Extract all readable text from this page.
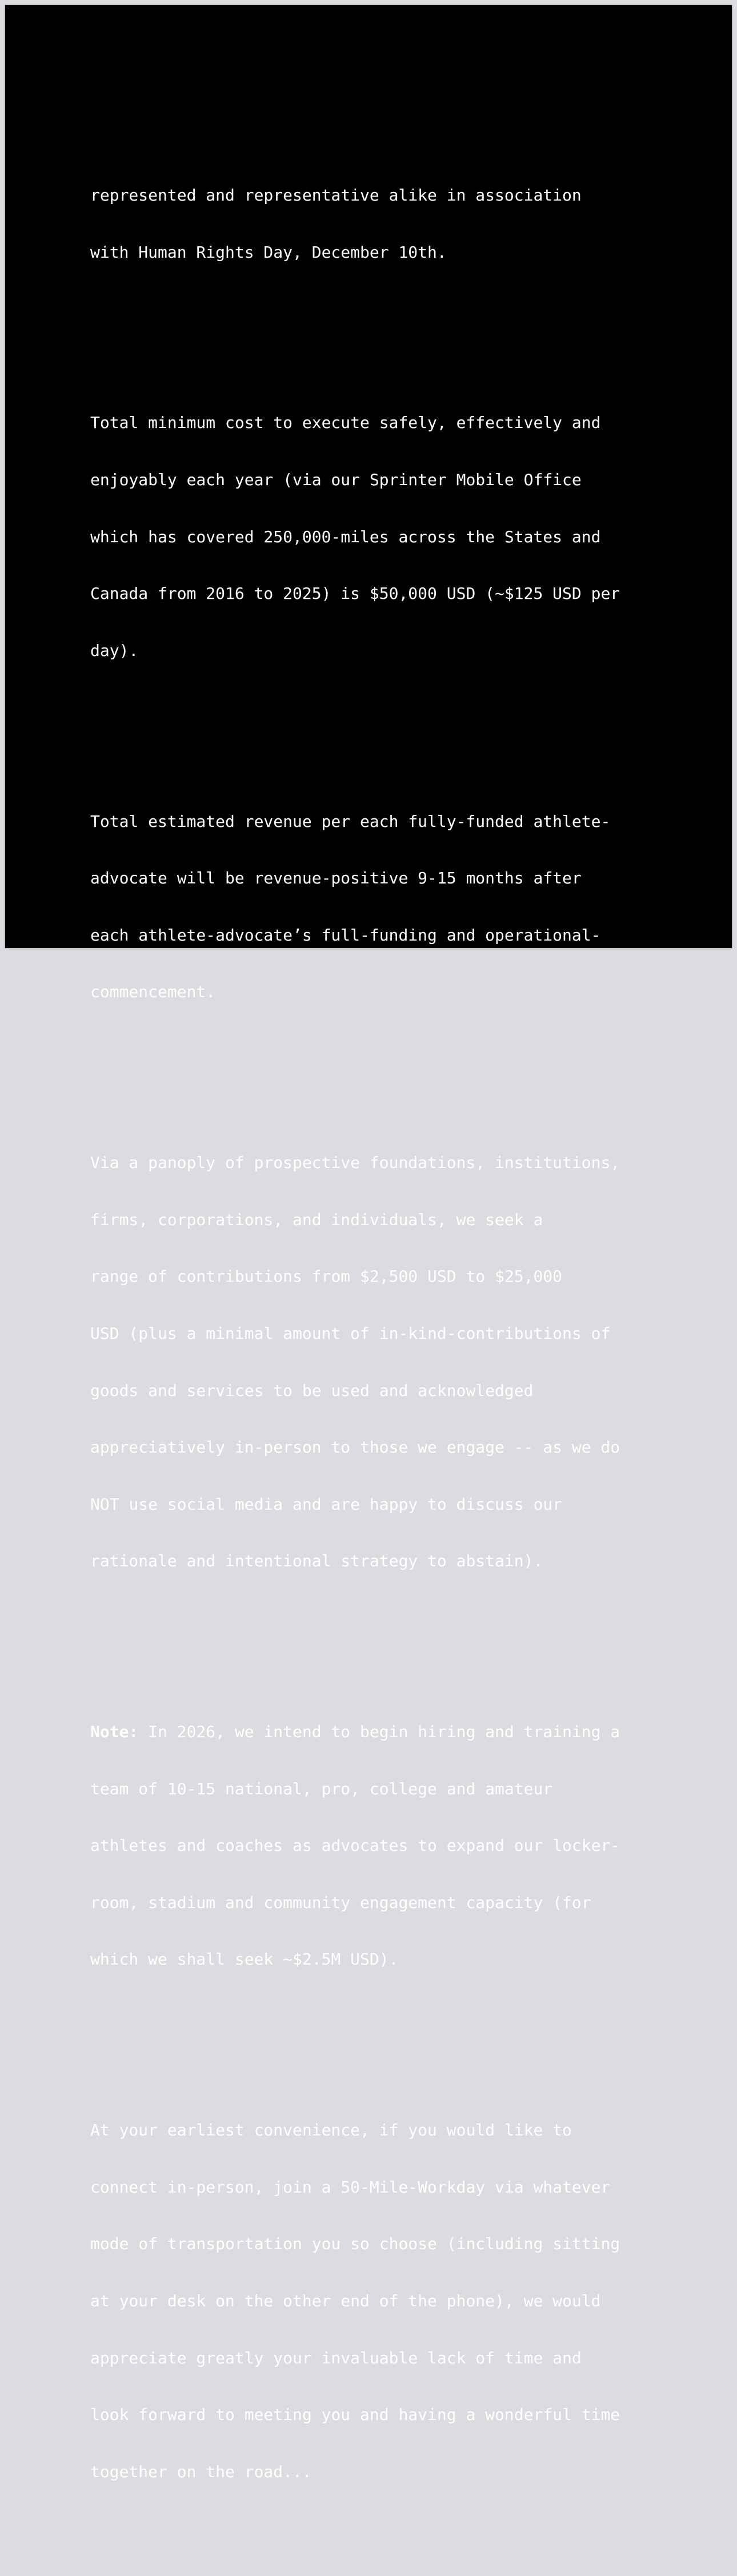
represented and representative alike in association

with Human Rights Day, December 10th.

Total minimum cost to execute safely, effectively and

enjoyably each year (via our Sprinter Mobile Office

which has covered 250,000-miles across the States and

Canada from 2016 to 2025) is $50,000 USD (~$125 USD per

day).

Total estimated revenue per each fully-funded athlete-

advocate will be revenue-positive 9-15 months after

each athlete-advocate’s full-funding and operational-

commencement.

Via a panoply of prospective foundations, institutions,

firms, corporations, and individuals, we seek a

range of contributions from $2,500 USD to $25,000

USD (plus a minimal amount of in-kind-contributions of

goods and services to be used and acknowledged

appreciatively in-person to those we engage -- as we do

NOT use social media and are happy to discuss our

rationale and intentional strategy to abstain).

Note: In 2026, we intend to begin hiring and training a

team of 10-15 national, pro, college and amateur

athletes and coaches as advocates to expand our locker-

room, stadium and community engagement capacity (for

which we shall seek ~$2.5M USD).

At your earliest convenience, if you would like to

connect in-person, join a 50-Mile-Workday via whatever

mode of transportation you so choose (including sitting

at your desk on the other end of the phone), we would

appreciate greatly your invaluable lack of time and

look forward to meeting you and having a wonderful time

together on the road...
